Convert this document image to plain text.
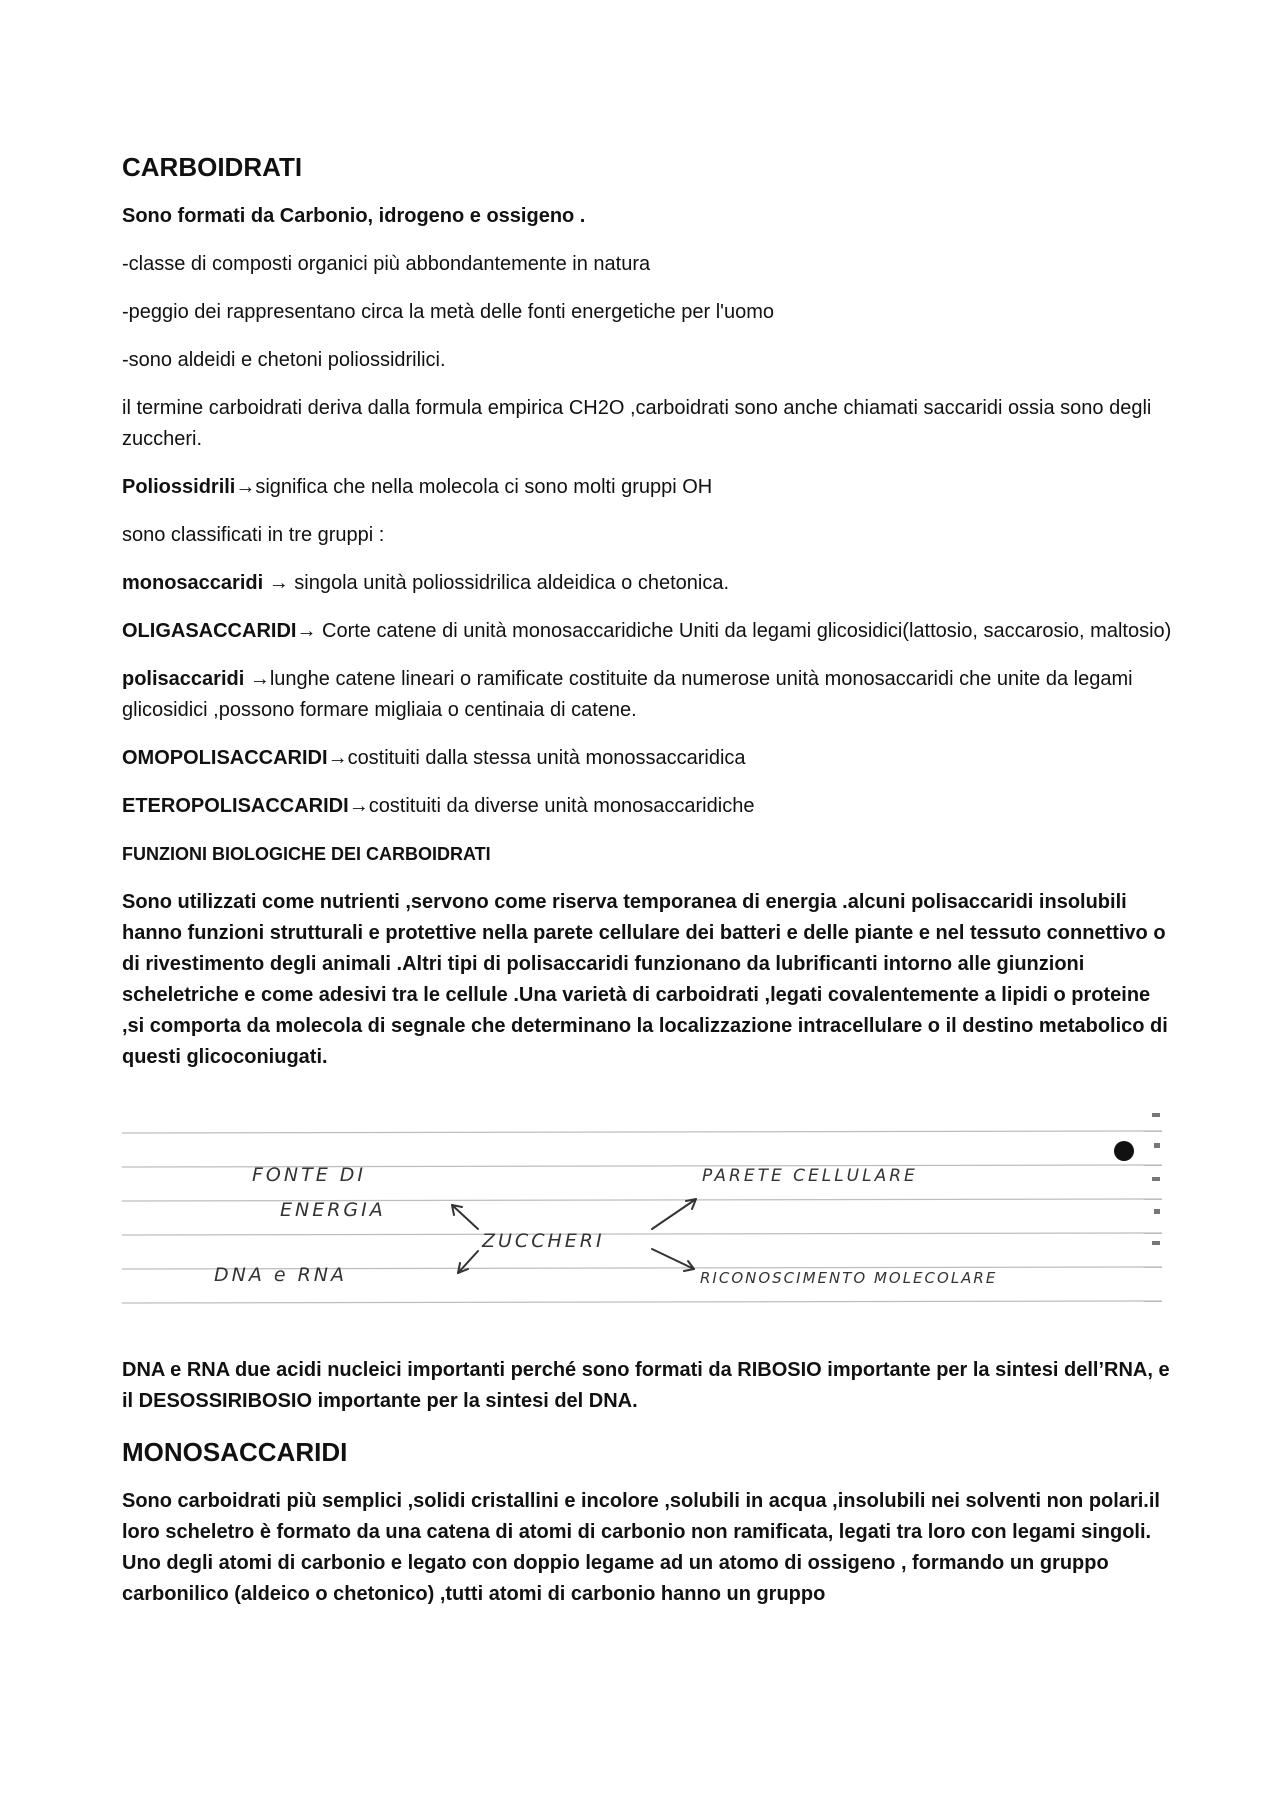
CARBOIDRATI

Sono formati da Carbonio, idrogeno e ossigeno .

-classe di composti organici più abbondantemente in natura

-peggio dei rappresentano circa la metà delle fonti energetiche per l'uomo

-sono aldeidi e chetoni poliossidrilici.

il termine carboidrati deriva dalla formula empirica CH2O ,carboidrati sono anche chiamati saccaridi ossia sono degli zuccheri.

Poliossidrili→significa che nella molecola ci sono molti gruppi OH

sono classificati in tre gruppi :

monosaccaridi → singola unità poliossidrilica aldeidica o chetonica.

OLIGASACCARIDI→ Corte catene di unità monosaccaridiche Uniti da legami glicosidici(lattosio, saccarosio, maltosio)

polisaccaridi →lunghe catene lineari o ramificate costituite da numerose unità monosaccaridi che unite da legami glicosidici ,possono formare migliaia o centinaia di catene.

OMOPOLISACCARIDI→costituiti dalla stessa unità monossaccaridica

ETEROPOLISACCARIDI→costituiti da diverse unità monosaccaridiche

FUNZIONI BIOLOGICHE DEI CARBOIDRATI

Sono utilizzati come nutrienti ,servono come riserva temporanea di energia .alcuni polisaccaridi insolubili hanno funzioni strutturali e protettive nella parete cellulare dei batteri e delle piante e nel tessuto connettivo o di rivestimento degli animali .Altri tipi di polisaccaridi funzionano da lubrificanti intorno alle giunzioni scheletriche e come adesivi tra le cellule .Una varietà di carboidrati ,legati covalentemente a lipidi o proteine ,si comporta da molecola di segnale che determinano la localizzazione intracellulare o il destino metabolico di questi glicoconiugati.

FONTE DI
ENERGIA
DNA e RNA
ZUCCHERI
PARETE CELLULARE
RICONOSCIMENTO MOLECOLARE

DNA e RNA due acidi nucleici importanti perché sono formati da RIBOSIO importante per la sintesi dell’RNA, e il DESOSSIRIBOSIO importante per la sintesi del DNA.

MONOSACCARIDI

Sono carboidrati più semplici ,solidi cristallini e incolore ,solubili in acqua ,insolubili nei solventi non polari.il loro scheletro è formato da una catena di atomi di carbonio non ramificata, legati tra loro con legami singoli. Uno degli atomi di carbonio e legato con doppio legame ad un atomo di ossigeno , formando un gruppo carbonilico (aldeico o chetonico) ,tutti atomi di carbonio hanno un gruppo
